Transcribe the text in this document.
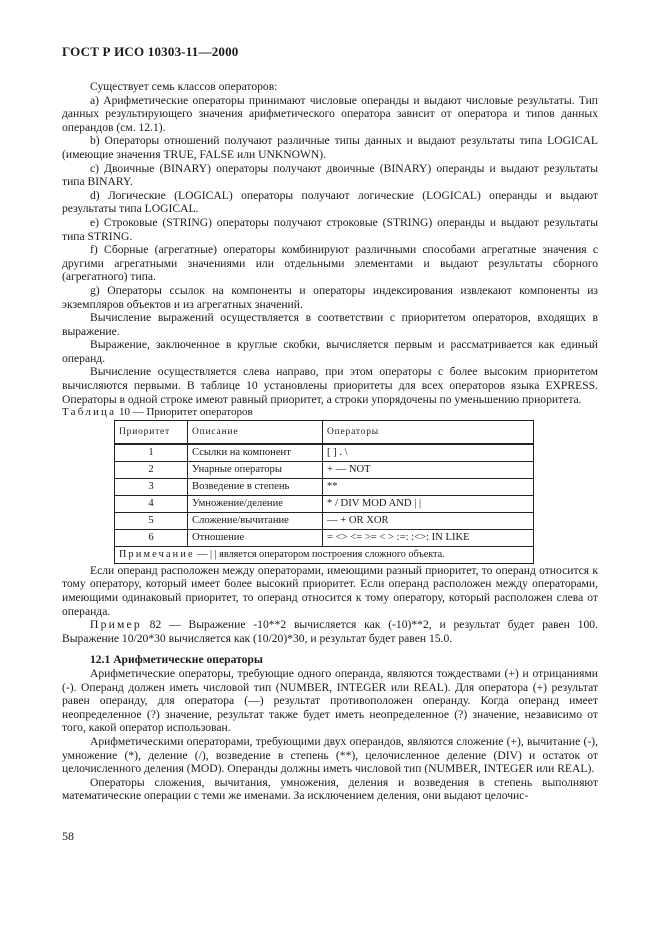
ГОСТ Р ИСО 10303-11—2000

Существует семь классов операторов:

a) Арифметические операторы принимают числовые операнды и выдают числовые результаты. Тип данных результирующего значения арифметического оператора зависит от оператора и типов данных операндов (см. 12.1).

b) Операторы отношений получают различные типы данных и выдают результаты типа LOGICAL (имеющие значения TRUE, FALSE или UNKNOWN).

c) Двоичные (BINARY) операторы получают двоичные (BINARY) операнды и выдают результаты типа BINARY.

d) Логические (LOGICAL) операторы получают логические (LOGICAL) операнды и выдают результаты типа LOGICAL.

e) Строковые (STRING) операторы получают строковые (STRING) операнды и выдают результаты типа STRING.

f) Сборные (агрегатные) операторы комбинируют различными способами агрегатные значения с другими агрегатными значениями или отдельными элементами и выдают результаты сборного (агрегатного) типа.

g) Операторы ссылок на компоненты и операторы индексирования извлекают компоненты из экземпляров объектов и из агрегатных значений.

Вычисление выражений осуществляется в соответствии с приоритетом операторов, входящих в выражение.

Выражение, заключенное в круглые скобки, вычисляется первым и рассматривается как единый операнд.

Вычисление осуществляется слева направо, при этом операторы с более высоким приоритетом вычисляются первыми. В таблице 10 установлены приоритеты для всех операторов языка EXPRESS. Операторы в одной строке имеют равный приоритет, а строки упорядочены по уменьшению приоритета.

Таблица 10 — Приоритет операторов

Приоритет	Описание	Операторы
1	Ссылки на компонент	[ ] . \
2	Унарные операторы	+ — NOT
3	Возведение в степень	**
4	Умножение/деление	* / DIV MOD AND | |
5	Сложение/вычитание	— + OR XOR
6	Отношение	= <> <= >= < > :=: :<>: IN LIKE
Примечание — | | является оператором построения сложного объекта.		

Если операнд расположен между операторами, имеющими разный приоритет, то операнд относится к тому оператору, который имеет более высокий приоритет. Если операнд расположен между операторами, имеющими одинаковый приоритет, то операнд относится к тому оператору, который расположен слева от операнда.

Пример 82 — Выражение -10**2 вычисляется как (-10)**2, и результат будет равен 100. Выражение 10/20*30 вычисляется как (10/20)*30, и результат будет равен 15.0.

12.1 Арифметические операторы

Арифметические операторы, требующие одного операнда, являются тождествами (+) и отрицаниями (-). Операнд должен иметь числовой тип (NUMBER, INTEGER или REAL). Для оператора (+) результат равен операнду, для оператора (—) результат противоположен операнду. Когда операнд имеет неопределенное (?) значение, результат также будет иметь неопределенное (?) значение, независимо от того, какой оператор использован.

Арифметическими операторами, требующими двух операндов, являются сложение (+), вычитание (-), умножение (*), деление (/), возведение в степень (**), целочисленное деление (DIV) и остаток от целочисленного деления (MOD). Операнды должны иметь числовой тип (NUMBER, INTEGER или REAL).

Операторы сложения, вычитания, умножения, деления и возведения в степень выполняют математические операции с теми же именами. За исключением деления, они выдают целочис-

58
